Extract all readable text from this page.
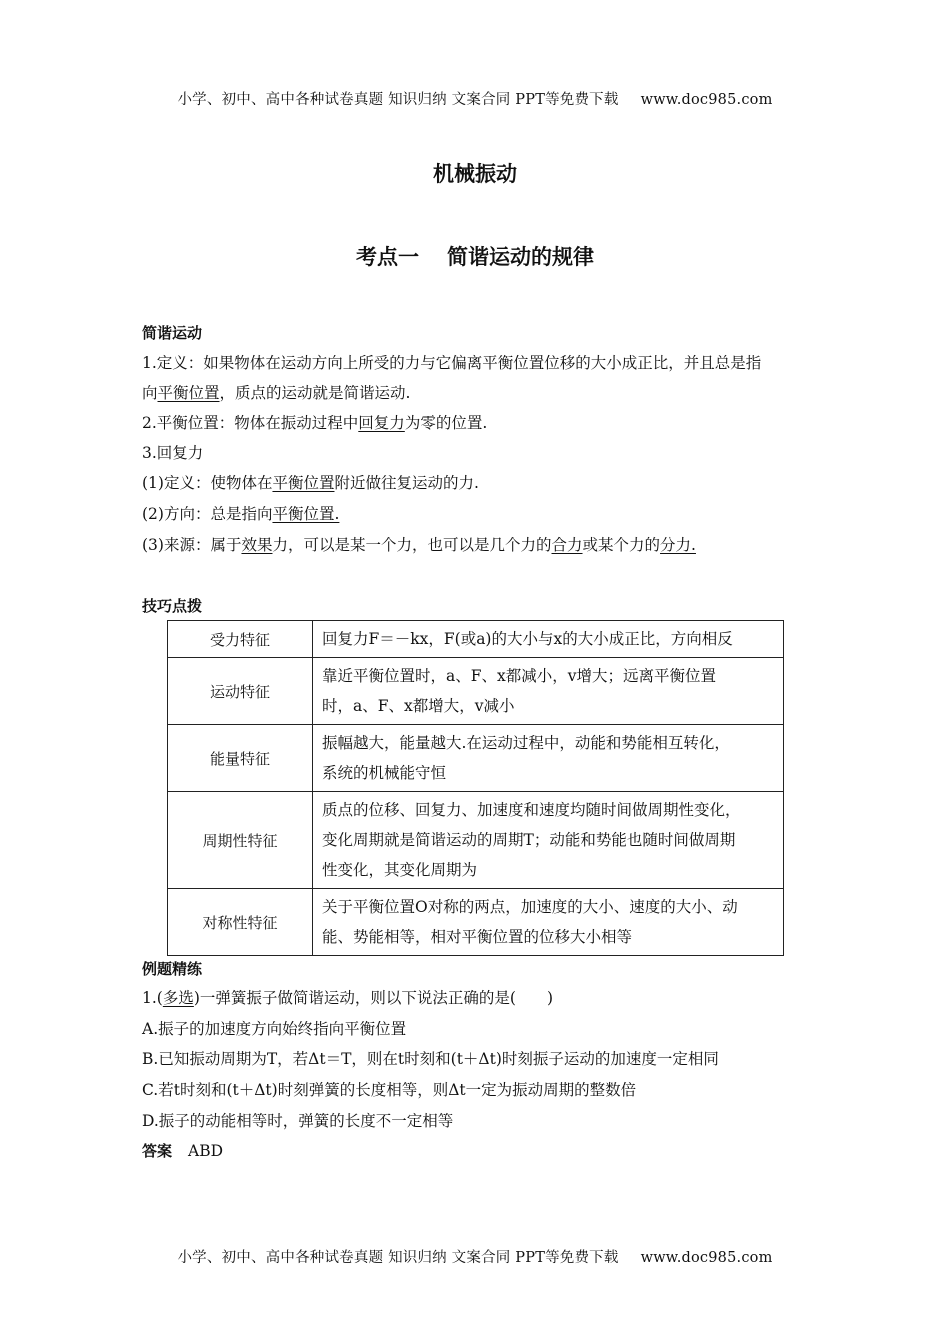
小学、初中、高中各种试卷真题 知识归纳 文案合同 PPT等免费下载 www.doc985.com
机械振动
考点一 简谐运动的规律
简谐运动
1.定义：如果物体在运动方向上所受的力与它偏离平衡位置位移的大小成正比，并且总是指
向平衡位置，质点的运动就是简谐运动.
2.平衡位置：物体在振动过程中回复力为零的位置.
3.回复力
(1)定义：使物体在平衡位置附近做往复运动的力.
(2)方向：总是指向平衡位置.
(3)来源：属于效果力，可以是某一个力，也可以是几个力的合力或某个力的分力.
技巧点拨
受力特征	回复力F＝－kx，F(或a)的大小与x的大小成正比，方向相反

运动特征	靠近平衡位置时，a、F、x都减小，v增大；远离平衡位置
时，a、F、x都增大，v减小

能量特征	振幅越大，能量越大.在运动过程中，动能和势能相互转化，
系统的机械能守恒

周期性特征	质点的位移、回复力、加速度和速度均随时间做周期性变化，
变化周期就是简谐运动的周期T；动能和势能也随时间做周期
性变化，其变化周期为

对称性特征	关于平衡位置O对称的两点，加速度的大小、速度的大小、动
能、势能相等，相对平衡位置的位移大小相等
例题精练
1.(多选)一弹簧振子做简谐运动，则以下说法正确的是(　　)
A.振子的加速度方向始终指向平衡位置
B.已知振动周期为T，若Δt＝T，则在t时刻和(t＋Δt)时刻振子运动的加速度一定相同
C.若t时刻和(t＋Δt)时刻弹簧的长度相等，则Δt一定为振动周期的整数倍
D.振子的动能相等时，弹簧的长度不一定相等
答案 ABD
小学、初中、高中各种试卷真题 知识归纳 文案合同 PPT等免费下载 www.doc985.com
